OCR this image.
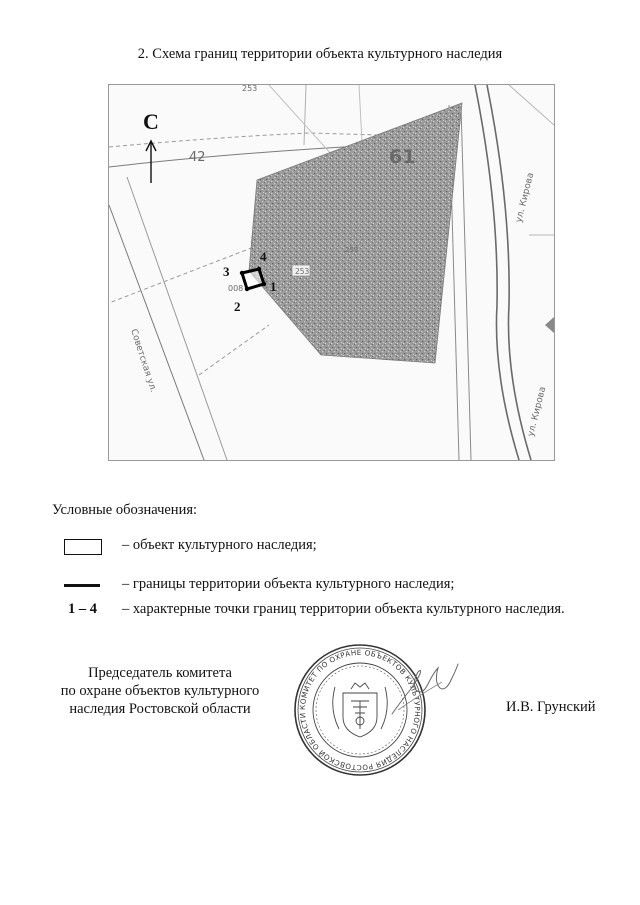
2. Схема границ территории объекта культурного наследия
С
61
42
253
253
253
ул. Кирова
ул. Кирова
Советская ул.
008
3
4
1
2
Условные обозначения:
– объект культурного наследия;
– границы территории объекта культурного наследия;
1 – 4 – характерные точки границ территории объекта культурного наследия.
Председатель комитета
по охране объектов культурного
наследия Ростовской области	КОМИТЕТ ПО ОХРАНЕ ОБЪЕКТОВ КУЛЬТУРНОГО НАСЛЕДИЯ РОСТОВСКОЙ ОБЛАСТИ
И.В. Грунский
